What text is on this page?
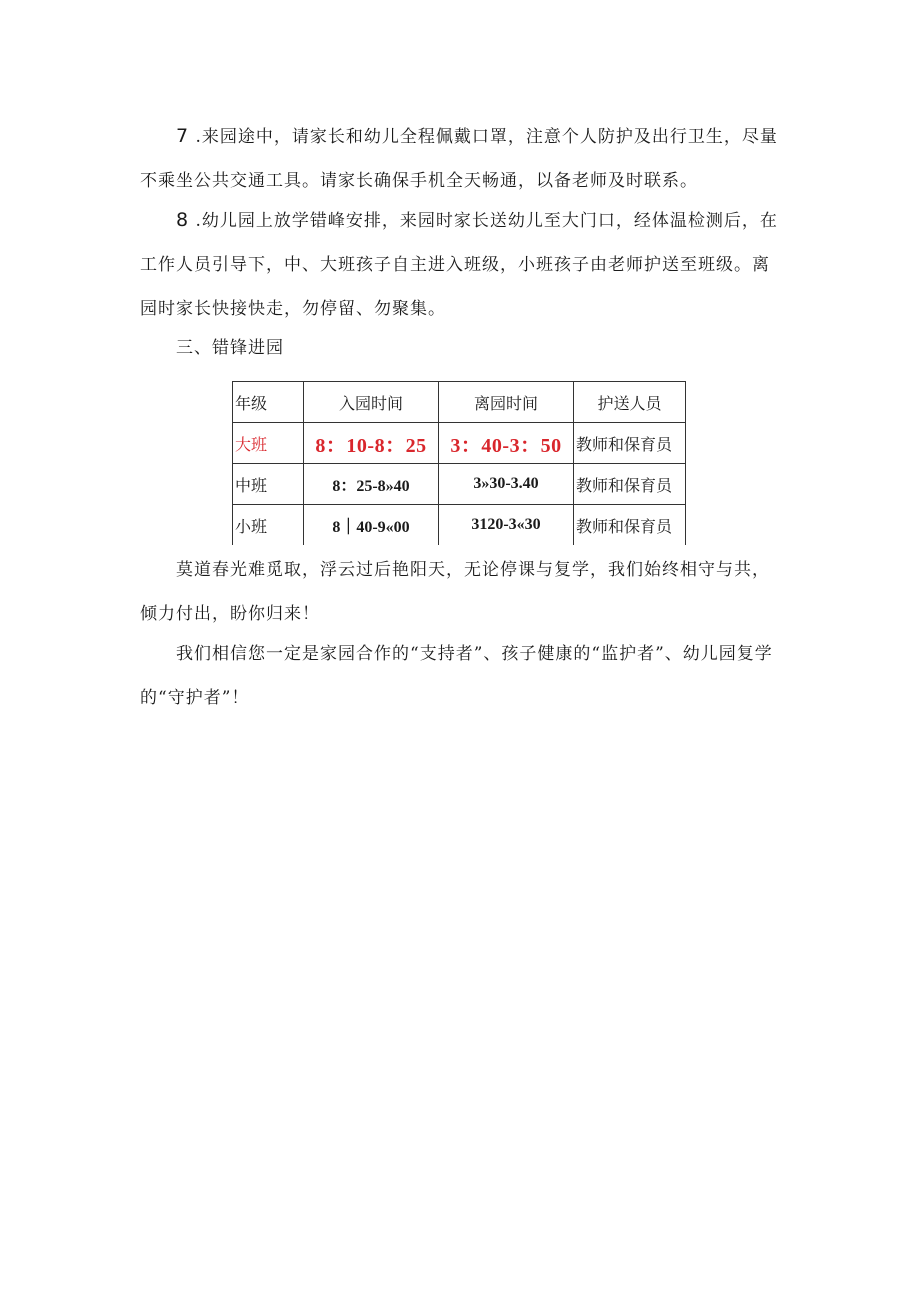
7 .来园途中，请家长和幼儿全程佩戴口罩，注意个人防护及出行卫生，尽量不乘坐公共交通工具。请家长确保手机全天畅通，以备老师及时联系。

8 .幼儿园上放学错峰安排，来园时家长送幼儿至大门口，经体温检测后，在工作人员引导下，中、大班孩子自主进入班级，小班孩子由老师护送至班级。离园时家长快接快走，勿停留、勿聚集。

三、错锋进园

年级	入园时间	离园时间	护送人员
大班	8：10-8：25	3：40-3：50	教师和保育员
中班	8：25-8»40	3»30-3.40	教师和保育员
小班	8｜40-9«00	3120-3«30	教师和保育员

莫道春光难觅取，浮云过后艳阳天，无论停课与复学，我们始终相守与共，倾力付出，盼你归来！

我们相信您一定是家园合作的“支持者”、孩子健康的“监护者”、幼儿园复学的“守护者”！
